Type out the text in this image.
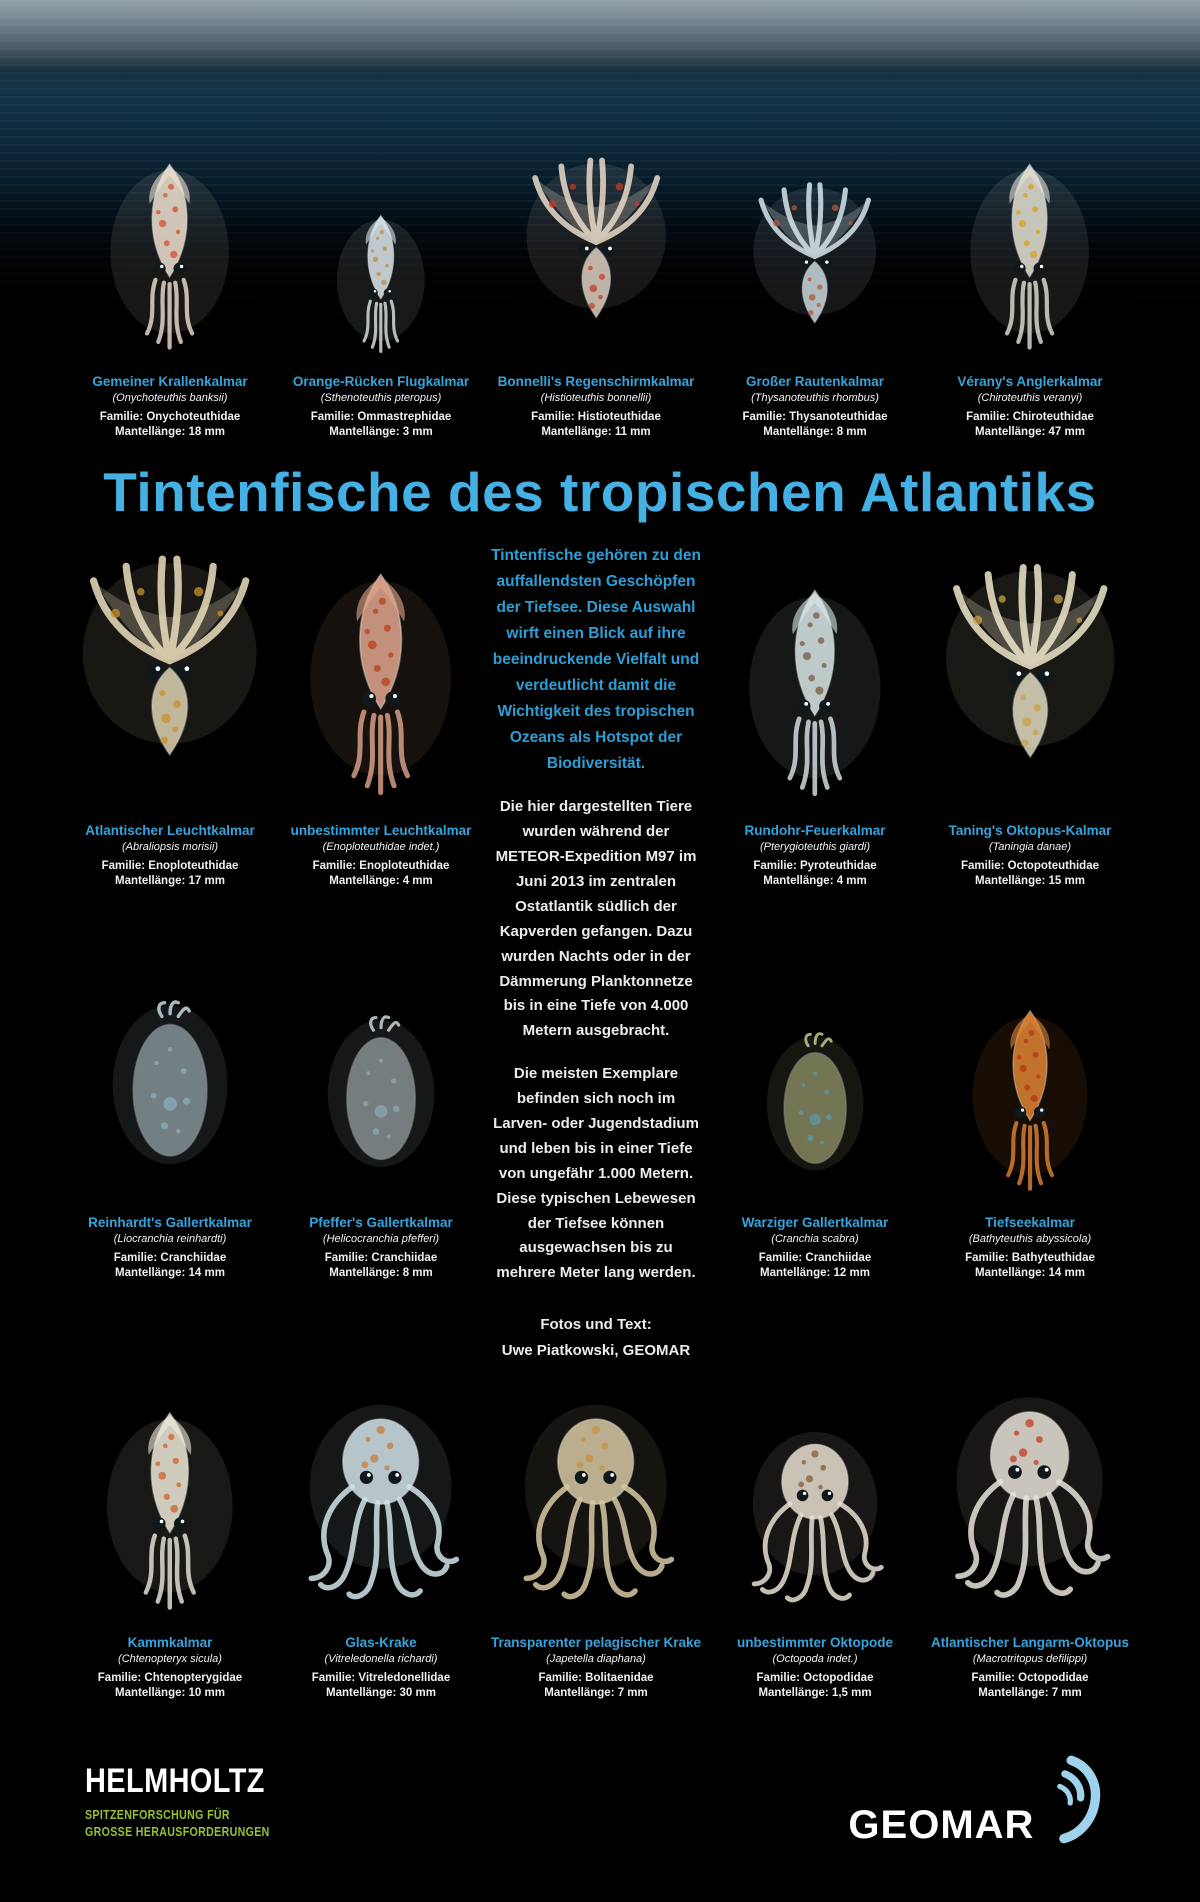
Gemeiner Krallenkalmar
(Onychoteuthis banksii)
Familie: Onychoteuthidae
Mantellänge: 18 mm
Orange-Rücken Flugkalmar
(Sthenoteuthis pteropus)
Familie: Ommastrephidae
Mantellänge: 3 mm
Bonnelli's Regenschirmkalmar
(Histioteuthis bonnellii)
Familie: Histioteuthidae
Mantellänge: 11 mm
Großer Rautenkalmar
(Thysanoteuthis rhombus)
Familie: Thysanoteuthidae
Mantellänge: 8 mm
Vérany's Anglerkalmar
(Chiroteuthis veranyi)
Familie: Chiroteuthidae
Mantellänge: 47 mm
Tintenfische des tropischen Atlantiks

Tintenfische gehören zu den auffallendsten Geschöpfen der Tiefsee. Diese Auswahl wirft einen Blick auf ihre beeindruckende Vielfalt und verdeutlicht damit die Wichtigkeit des tropischen Ozeans als Hotspot der Biodiversität.

Die hier dargestellten Tiere wurden während der METEOR-Expedition M97 im Juni 2013 im zentralen Ostatlantik südlich der Kapverden gefangen. Dazu wurden Nachts oder in der Dämmerung Planktonnetze bis in eine Tiefe von 4.000 Metern ausgebracht.

Die meisten Exemplare befinden sich noch im Larven- oder Jugendstadium und leben bis in einer Tiefe von ungefähr 1.000 Metern. Diese typischen Lebewesen der Tiefsee können ausgewachsen bis zu mehrere Meter lang werden.

Fotos und Text:
Uwe Piatkowski, GEOMAR

Atlantischer Leuchtkalmar
(Abraliopsis morisii)
Familie: Enoploteuthidae
Mantellänge: 17 mm
unbestimmter Leuchtkalmar
(Enoploteuthidae indet.)
Familie: Enoploteuthidae
Mantellänge: 4 mm
Rundohr-Feuerkalmar
(Pterygioteuthis giardi)
Familie: Pyroteuthidae
Mantellänge: 4 mm
Taning's Oktopus-Kalmar
(Taningia danae)
Familie: Octopoteuthidae
Mantellänge: 15 mm
Reinhardt's Gallertkalmar
(Liocranchia reinhardti)
Familie: Cranchiidae
Mantellänge: 14 mm
Pfeffer's Gallertkalmar
(Helicocranchia pfefferi)
Familie: Cranchiidae
Mantellänge: 8 mm
Warziger Gallertkalmar
(Cranchia scabra)
Familie: Cranchiidae
Mantellänge: 12 mm
Tiefseekalmar
(Bathyteuthis abyssicola)
Familie: Bathyteuthidae
Mantellänge: 14 mm
Kammkalmar
(Chtenopteryx sicula)
Familie: Chtenopterygidae
Mantellänge: 10 mm
Glas-Krake
(Vitreledonella richardi)
Familie: Vitreledonellidae
Mantellänge: 30 mm
Transparenter pelagischer Krake
(Japetella diaphana)
Familie: Bolitaenidae
Mantellänge: 7 mm
unbestimmter Oktopode
(Octopoda indet.)
Familie: Octopodidae
Mantellänge: 1,5 mm
Atlantischer Langarm-Oktopus
(Macrotritopus defilippi)
Familie: Octopodidae
Mantellänge: 7 mm
HELMHOLTZ
SPITZENFORSCHUNG FÜR
GROSSE HERAUSFORDERUNGEN	GEOMAR
